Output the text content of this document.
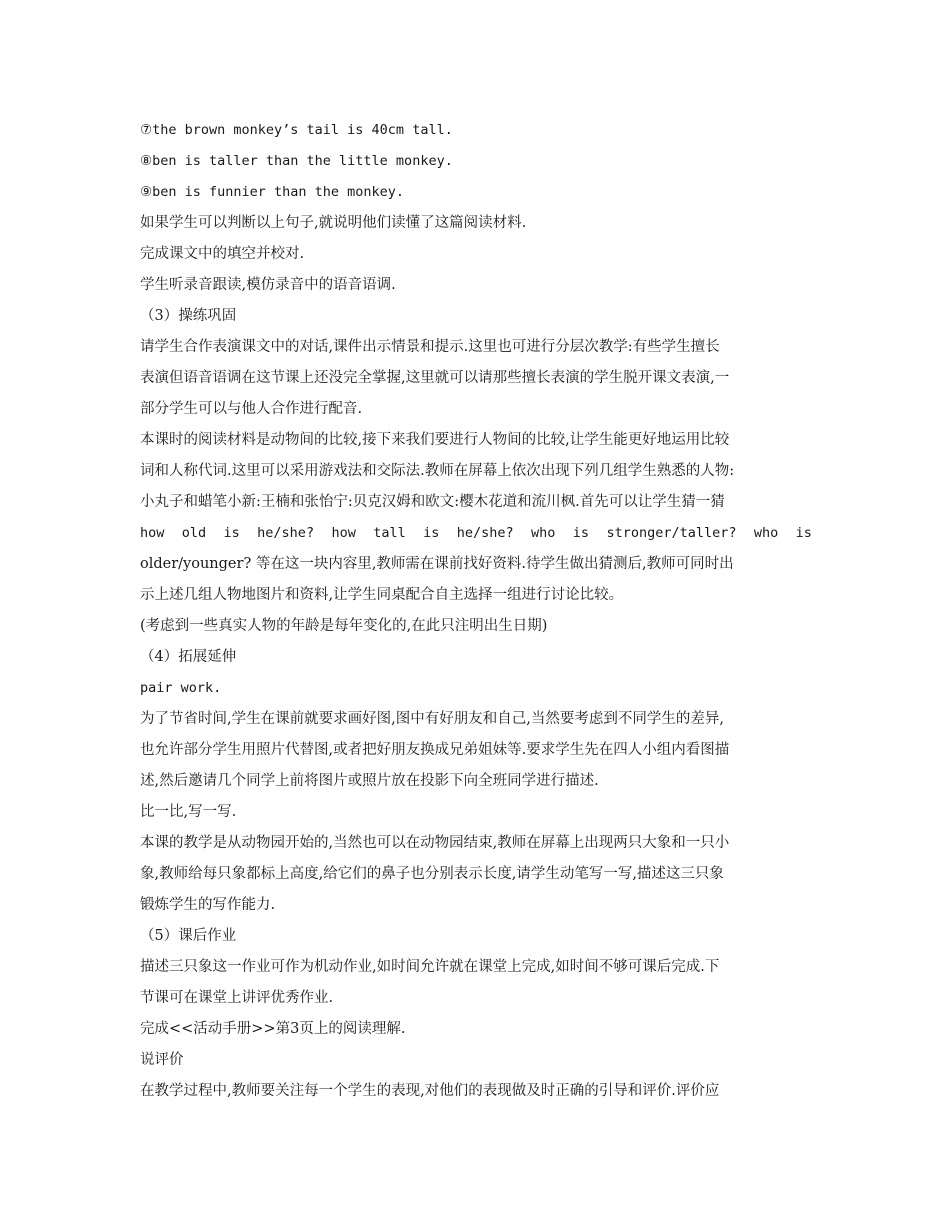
⑦the brown monkey’s tail is 40cm tall.
⑧ben is taller than the little monkey.
⑨ben is funnier than the monkey.
如果学生可以判断以上句子,就说明他们读懂了这篇阅读材料.
完成课文中的填空并校对.
学生听录音跟读,模仿录音中的语音语调.
（3）操练巩固
请学生合作表演课文中的对话,课件出示情景和提示.这里也可进行分层次教学:有些学生擅长
表演但语音语调在这节课上还没完全掌握,这里就可以请那些擅长表演的学生脱开课文表演,一
部分学生可以与他人合作进行配音.
本课时的阅读材料是动物间的比较,接下来我们要进行人物间的比较,让学生能更好地运用比较
词和人称代词.这里可以采用游戏法和交际法.教师在屏幕上依次出现下列几组学生熟悉的人物:
小丸子和蜡笔小新:王楠和张怡宁:贝克汉姆和欧文:樱木花道和流川枫.首先可以让学生猜一猜
how old is he/she? how tall is he/she? who is stronger/taller? who is
older/younger? 等在这一块内容里,教师需在课前找好资料.待学生做出猜测后,教师可同时出
示上述几组人物地图片和资料,让学生同桌配合自主选择一组进行讨论比较。
(考虑到一些真实人物的年龄是每年变化的,在此只注明出生日期)
（4）拓展延伸
pair work.
为了节省时间,学生在课前就要求画好图,图中有好朋友和自己,当然要考虑到不同学生的差异,
也允许部分学生用照片代替图,或者把好朋友换成兄弟姐妹等.要求学生先在四人小组内看图描
述,然后邀请几个同学上前将图片或照片放在投影下向全班同学进行描述.
比一比,写一写.
本课的教学是从动物园开始的,当然也可以在动物园结束,教师在屏幕上出现两只大象和一只小
象,教师给每只象都标上高度,给它们的鼻子也分别表示长度,请学生动笔写一写,描述这三只象
锻炼学生的写作能力.
（5）课后作业
描述三只象这一作业可作为机动作业,如时间允许就在课堂上完成,如时间不够可课后完成.下
节课可在课堂上讲评优秀作业.
完成<<活动手册>>第3页上的阅读理解.
说评价
在教学过程中,教师要关注每一个学生的表现,对他们的表现做及时正确的引导和评价.评价应
